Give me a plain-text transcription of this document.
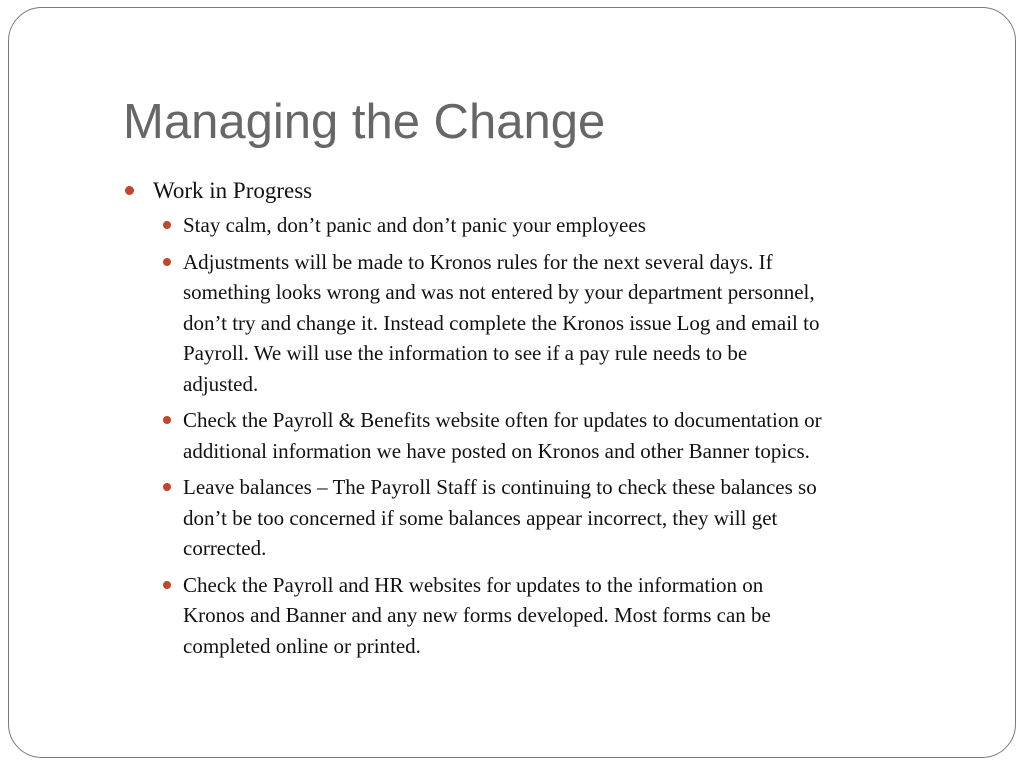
Managing the Change
Work in Progress
Stay calm, don’t panic and don’t panic your employees
Adjustments will be made to Kronos rules for the next several days. If
something looks wrong and was not entered by your department personnel,
don’t try and change it. Instead complete the Kronos issue Log and email to
Payroll. We will use the information to see if a pay rule needs to be
adjusted.
Check the Payroll & Benefits website often for updates to documentation or
additional information we have posted on Kronos and other Banner topics.
Leave balances – The Payroll Staff is continuing to check these balances so
don’t be too concerned if some balances appear incorrect, they will get
corrected.
Check the Payroll and HR websites for updates to the information on
Kronos and Banner and any new forms developed. Most forms can be
completed online or printed.
